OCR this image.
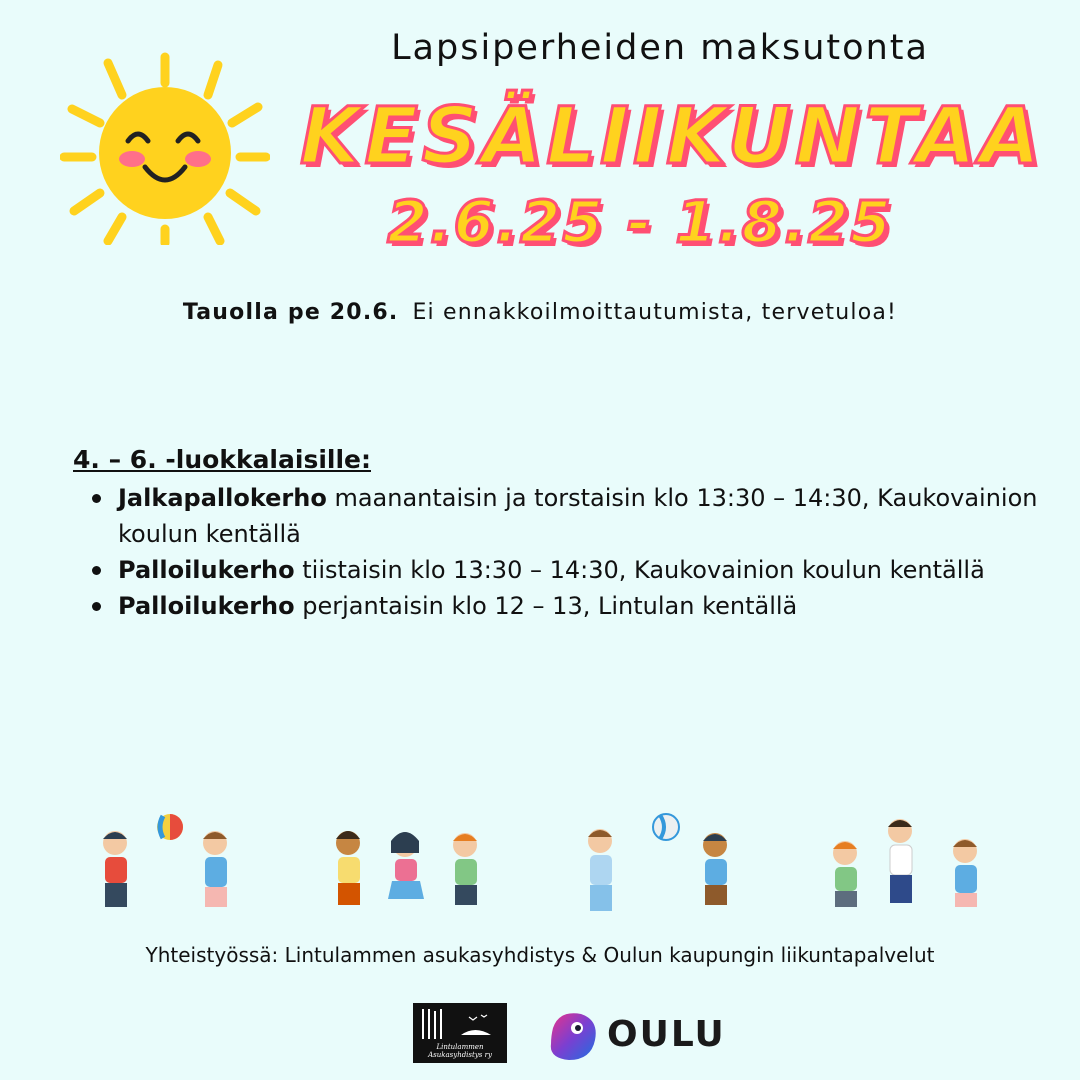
Lapsiperheiden maksutonta
KESÄLIIKUNTAA
2.6.25 - 1.8.25
Tauolla pe 20.6. Ei ennakkoilmoittautumista, tervetuloa!
4. – 6. -luokkalaisille:
Jalkapallokerho maanantaisin ja torstaisin klo 13:30 – 14:30, Kaukovainion koulun kentällä
Palloilukerho tiistaisin klo 13:30 – 14:30, Kaukovainion koulun kentällä
Palloilukerho perjantaisin klo 12 – 13, Lintulan kentällä
Yhteistyössä: Lintulammen asukasyhdistys & Oulun kaupungin liikuntapalvelut
Lintulammen
Asukasyhdistys ry	OULU
